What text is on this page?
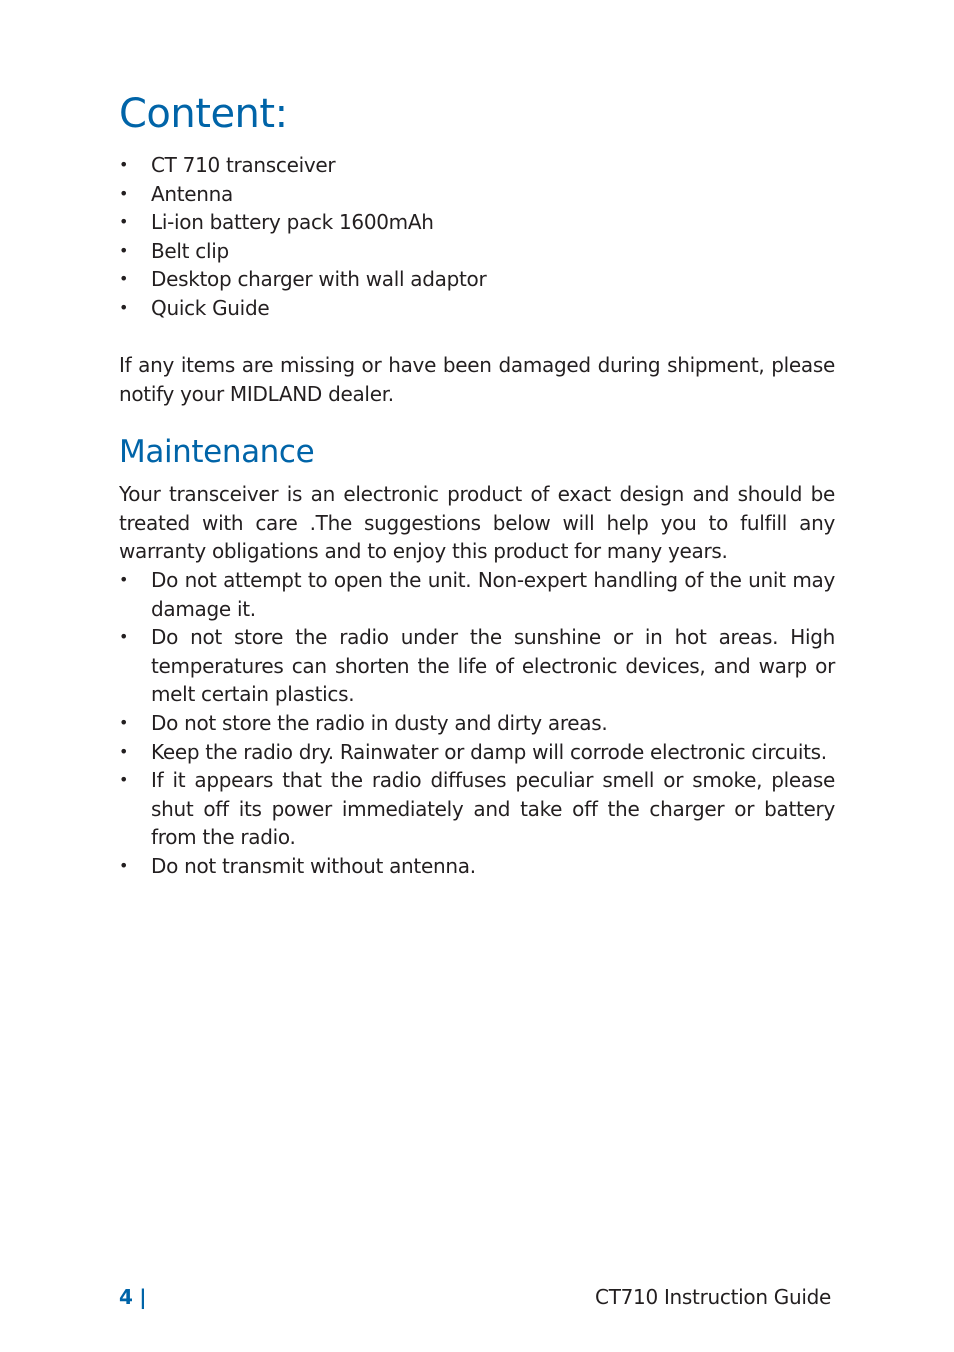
Content:
• CT 710 transceiver
• Antenna
• Li-ion battery pack 1600mAh
• Belt clip
• Desktop charger with wall adaptor
• Quick Guide

If any items are missing or have been damaged during shipment, please notify your MIDLAND dealer.

Maintenance

Your transceiver is an electronic product of exact design and should be treated with care .The suggestions below will help you to fulfill any warranty obligations and to enjoy this product for many years.

• Do not attempt to open the unit. Non-expert handling of the unit may damage it.
• Do not store the radio under the sunshine or in hot areas. High temperatures can shorten the life of electronic devices, and warp or melt certain plastics.
• Do not store the radio in dusty and dirty areas.
• Keep the radio dry. Rainwater or damp will corrode electronic circuits.
• If it appears that the radio diffuses peculiar smell or smoke, please shut off its power immediately and take off the charger or battery from the radio.
• Do not transmit without antenna.
4 |	CT710 Instruction Guide
